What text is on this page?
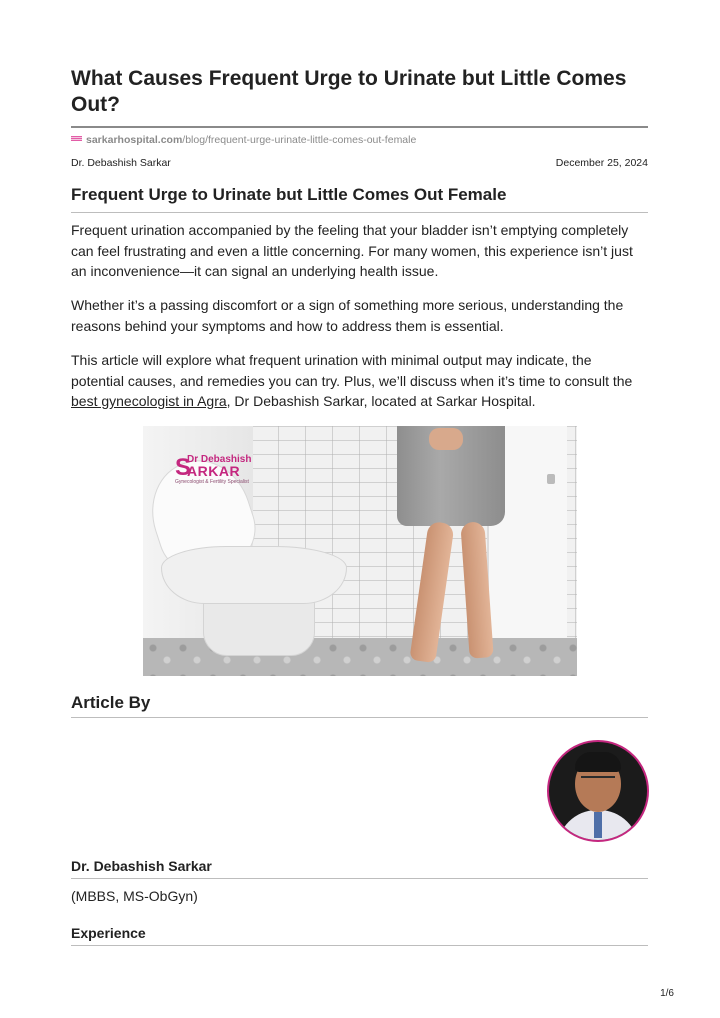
What Causes Frequent Urge to Urinate but Little Comes Out?
sarkarhospital.com/blog/frequent-urge-urinate-little-comes-out-female
Dr. Debashish Sarkar	December 25, 2024
Frequent Urge to Urinate but Little Comes Out Female

Frequent urination accompanied by the feeling that your bladder isn’t emptying completely can feel frustrating and even a little concerning. For many women, this experience isn’t just an inconvenience—it can signal an underlying health issue.

Whether it’s a passing discomfort or a sign of something more serious, understanding the reasons behind your symptoms and how to address them is essential.

This article will explore what frequent urination with minimal output may indicate, the potential causes, and remedies you can try. Plus, we’ll discuss when it’s time to consult the best gynecologist in Agra, Dr Debashish Sarkar, located at Sarkar Hospital.

S
Dr Debashish
ARKAR
Gynecologist & Fertility Specialist
Article By
Dr. Debashish Sarkar

(MBBS, MS-ObGyn)

Experience
1/6
